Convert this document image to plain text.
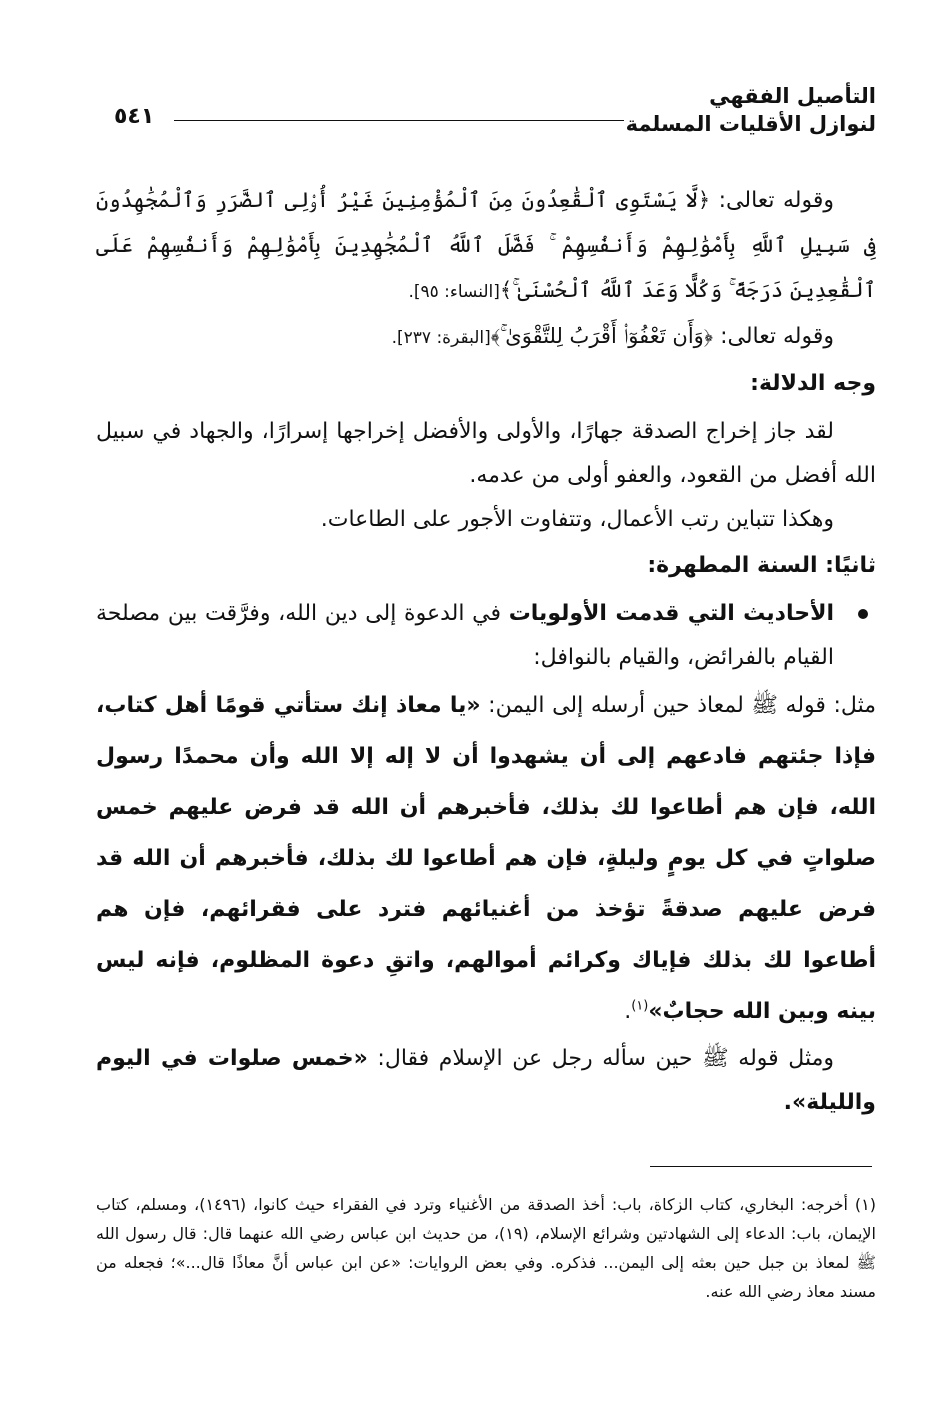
التأصيل الفقهي
لنوازل الأقليات المسلمة
٥٤١

وقوله تعالى: ﴿لَّا يَسْتَوِى ٱلْقَٰعِدُونَ مِنَ ٱلْمُؤْمِنِينَ غَيْرُ أُو۟لِى ٱلضَّرَرِ وَٱلْمُجَٰهِدُونَ فِى سَبِيلِ ٱللَّهِ بِأَمْوَٰلِهِمْ وَأَنفُسِهِمْ ۚ فَضَّلَ ٱللَّهُ ٱلْمُجَٰهِدِينَ بِأَمْوَٰلِهِمْ وَأَنفُسِهِمْ عَلَى ٱلْقَٰعِدِينَ دَرَجَةً ۚ وَكُلًّا وَعَدَ ٱللَّهُ ٱلْحُسْنَىٰ ۚ﴾[النساء: ٩٥].

وقوله تعالى: ﴿وَأَن تَعْفُوٓا۟ أَقْرَبُ لِلتَّقْوَىٰ ۚ﴾[البقرة: ٢٣٧].

وجه الدلالة:

لقد جاز إخراج الصدقة جهارًا، والأولى والأفضل إخراجها إسرارًا، والجهاد في سبيل الله أفضل من القعود، والعفو أولى من عدمه.

وهكذا تتباين رتب الأعمال، وتتفاوت الأجور على الطاعات.

ثانيًا: السنة المطهرة:

الأحاديث التي قدمت الأولويات في الدعوة إلى دين الله، وفرَّقت بين مصلحة القيام بالفرائض، والقيام بالنوافل:

مثل: قوله ﷺ لمعاذ حين أرسله إلى اليمن: «يا معاذ إنك ستأتي قومًا أهل كتاب، فإذا جئتهم فادعهم إلى أن يشهدوا أن لا إله إلا الله وأن محمدًا رسول الله، فإن هم أطاعوا لك بذلك، فأخبرهم أن الله قد فرض عليهم خمس صلواتٍ في كل يومٍ وليلةٍ، فإن هم أطاعوا لك بذلك، فأخبرهم أن الله قد فرض عليهم صدقةً تؤخذ من أغنيائهم فترد على فقرائهم، فإن هم أطاعوا لك بذلك فإياك وكرائم أموالهم، واتقِ دعوة المظلوم، فإنه ليس بينه وبين الله حجابٌ»$^{(١)}$.

ومثل قوله ﷺ حين سأله رجل عن الإسلام فقال: «خمس صلوات في اليوم والليلة».

(١) أخرجه: البخاري، كتاب الزكاة، باب: أخذ الصدقة من الأغنياء وترد في الفقراء حيث كانوا، (١٤٩٦)، ومسلم، كتاب الإيمان، باب: الدعاء إلى الشهادتين وشرائع الإسلام، (١٩)، من حديث ابن عباس رضي الله عنهما قال: قال رسول الله ﷺ لمعاذ بن جبل حين بعثه إلى اليمن... فذكره. وفي بعض الروايات: «عن ابن عباس أنَّ معاذًا قال...»؛ فجعله من مسند معاذ رضي الله عنه.
